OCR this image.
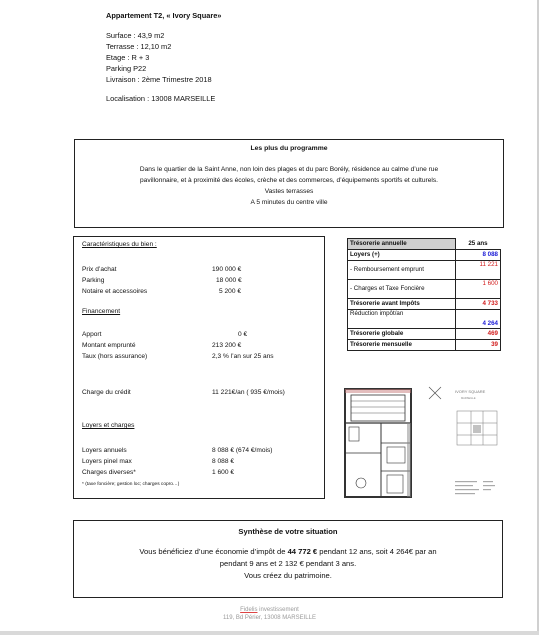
Appartement T2, « Ivory Square»
Surface : 43,9 m2
Terrasse : 12,10 m2
Etage : R + 3
Parking P22
Livraison : 2ème Trimestre 2018
Localisation : 13008 MARSEILLE
Les plus du programme
Dans le quartier de la Saint Anne, non loin des plages et du parc Borély, résidence au calme d’une rue
pavillonnaire, et à proximité des écoles, crèche et des commerces, d’équipements sportifs et culturels.
Vastes terrasses
A 5 minutes du centre ville
Caractéristiques du bien :
Prix d’achat	190 000 €
Parking	18 000 €
Notaire et accessoires	5 200 €
Financement
Apport	0 €
Montant emprunté	213 200 €
Taux (hors assurance)	2,3 % l’an sur 25 ans
Charge du crédit	11 221€/an ( 935 €/mois)
Loyers et charges
Loyers annuels	8 088 € (674 €/mois)
Loyers pinel max	8 088 €
Charges diverses*	1 600 €
* (taxe foncière; gestion loc; charges copro…)
Trésorerie annuelle	25 ans
Loyers (+)	8 088
- Remboursement emprunt	11 221
- Charges et Taxe Foncière	1 600
Trésorerie avant Impôts	4 733
Réduction impôt/an	4 264
Trésorerie globale	469
Trésorerie mensuelle	39
IVORY SQUARE
MARSEILLE
Synthèse de votre situation
Vous bénéficiez d’une économie d’impôt de 44 772 € pendant 12 ans, soit 4 264€ par an
pendant 9 ans et 2 132 € pendant 3 ans.
Vous créez du patrimoine.
Fidelis investissement
119, Bd Périer, 13008 MARSEILLE
